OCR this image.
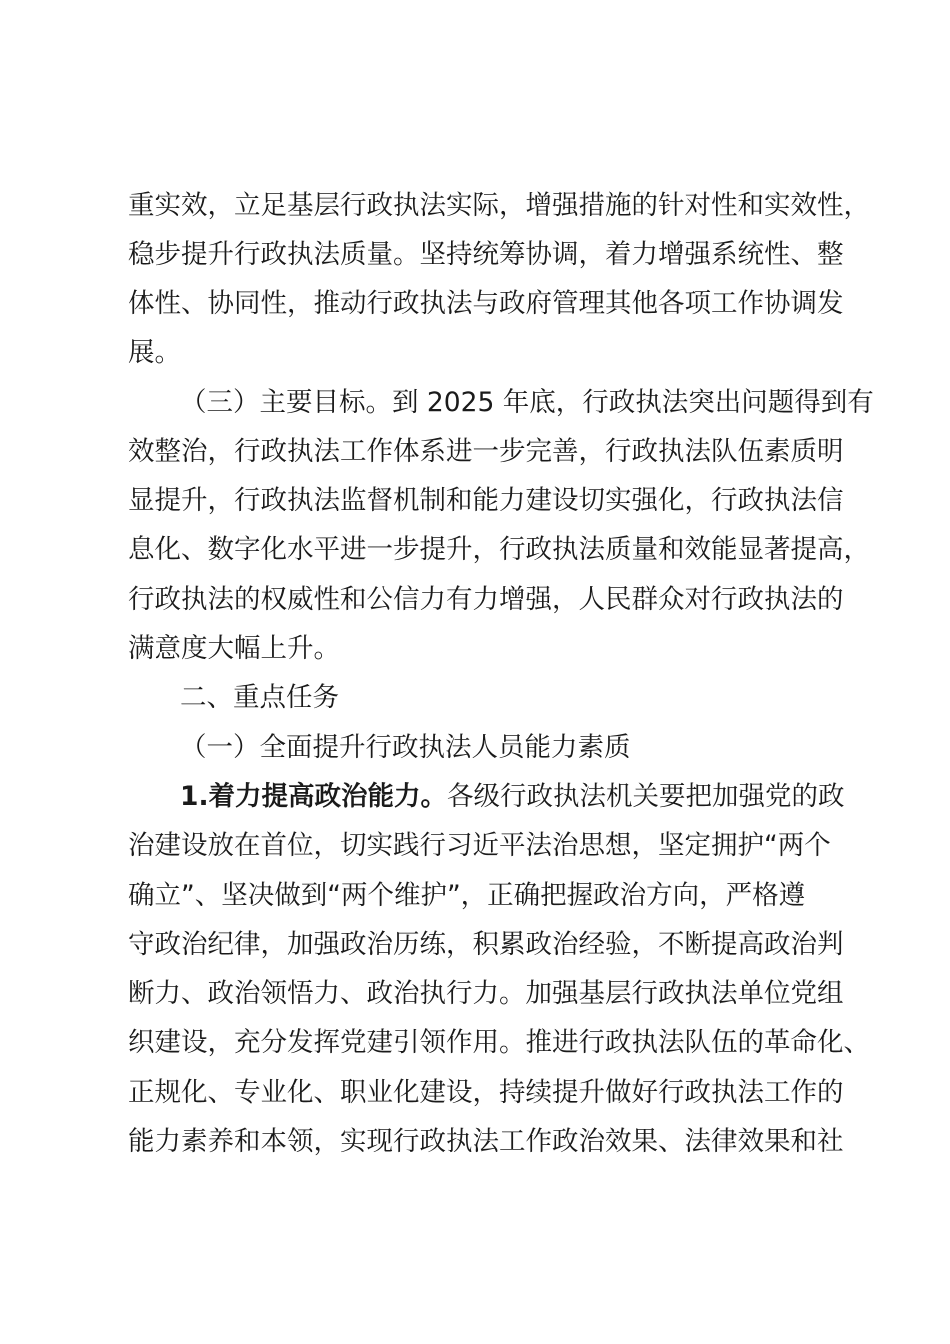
重实效，立足基层行政执法实际，增强措施的针对性和实效性，
稳步提升行政执法质量。坚持统筹协调，着力增强系统性、整
体性、协同性，推动行政执法与政府管理其他各项工作协调发
展。
（三）主要目标。到 2025 年底，行政执法突出问题得到有
效整治，行政执法工作体系进一步完善，行政执法队伍素质明
显提升，行政执法监督机制和能力建设切实强化，行政执法信
息化、数字化水平进一步提升，行政执法质量和效能显著提高，
行政执法的权威性和公信力有力增强，人民群众对行政执法的
满意度大幅上升。
二、重点任务
（一）全面提升行政执法人员能力素质
1.着力提高政治能力。各级行政执法机关要把加强党的政
治建设放在首位，切实践行习近平法治思想，坚定拥护“两个
确立”、坚决做到“两个维护”，正确把握政治方向，严格遵
守政治纪律，加强政治历练，积累政治经验，不断提高政治判
断力、政治领悟力、政治执行力。加强基层行政执法单位党组
织建设，充分发挥党建引领作用。推进行政执法队伍的革命化、
正规化、专业化、职业化建设，持续提升做好行政执法工作的
能力素养和本领，实现行政执法工作政治效果、法律效果和社
